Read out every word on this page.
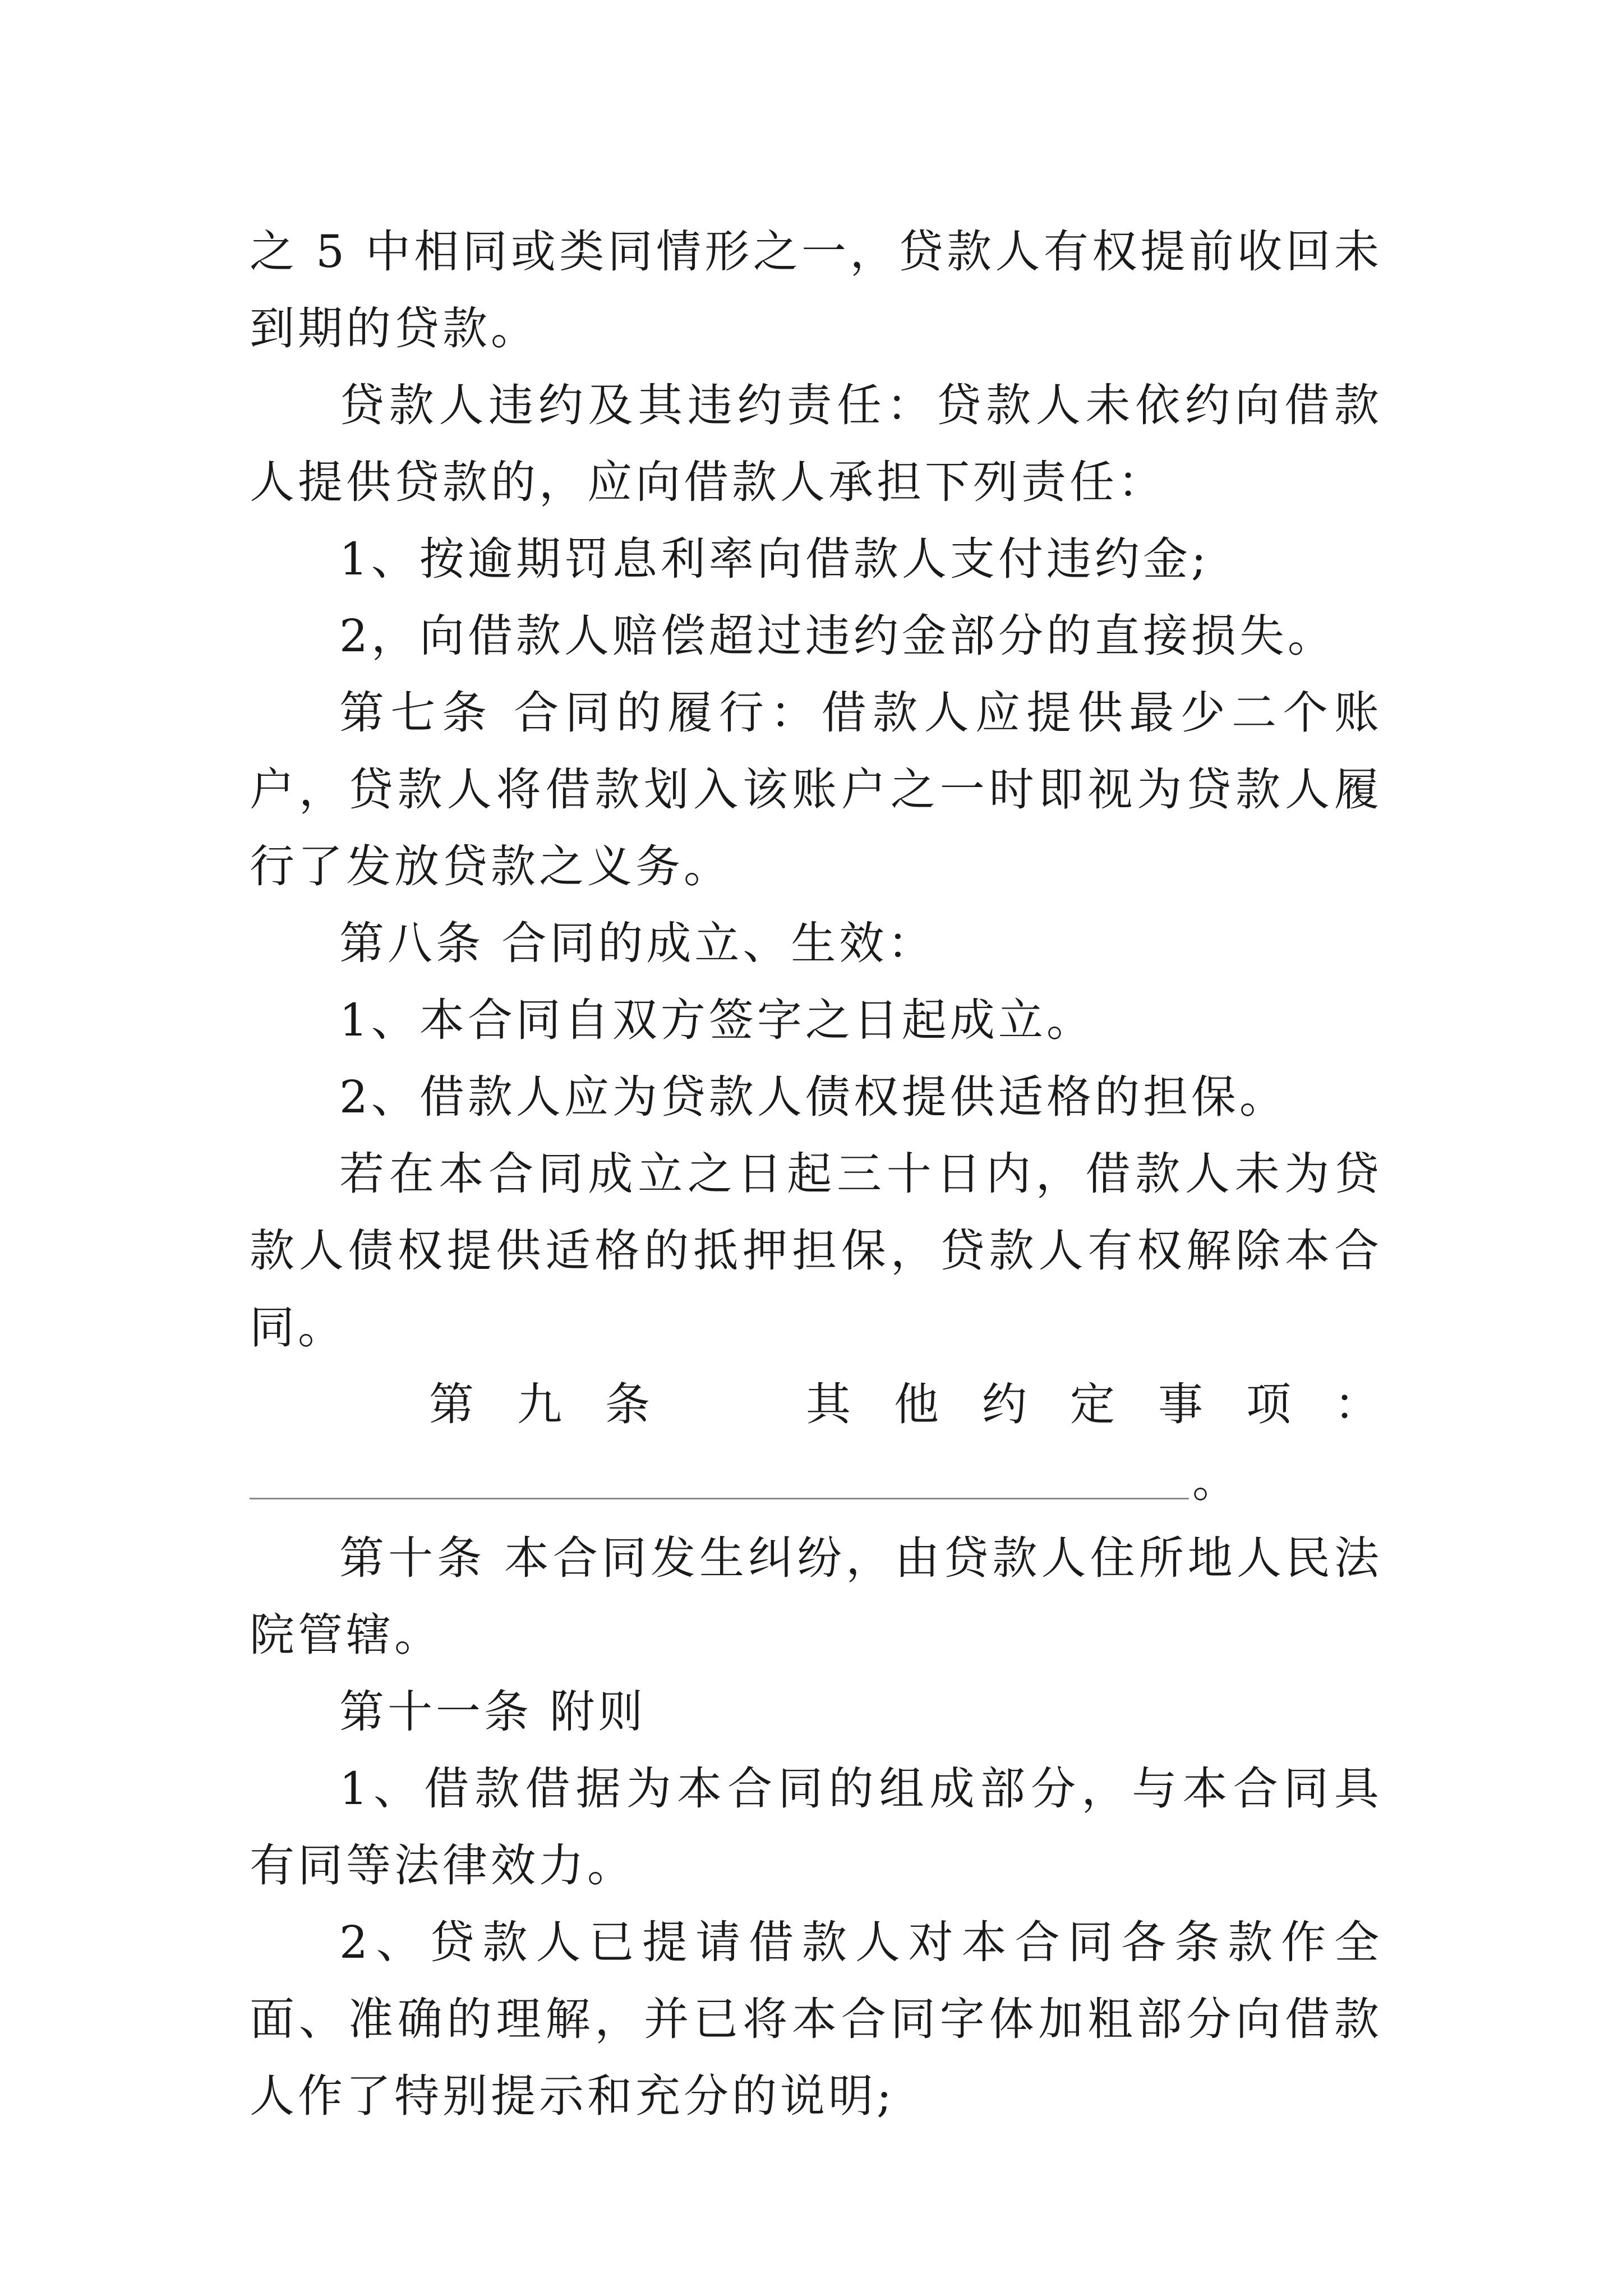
之 5 中相同或类同情形之一，贷款人有权提前收回未到期的贷款。

贷款人违约及其违约责任：贷款人未依约向借款人提供贷款的，应向借款人承担下列责任：

1、按逾期罚息利率向借款人支付违约金;

2，向借款人赔偿超过违约金部分的直接损失。

第七条 合同的履行：借款人应提供最少二个账户，贷款人将借款划入该账户之一时即视为贷款人履行了发放贷款之义务。

第八条 合同的成立、生效：

1、本合同自双方签字之日起成立。

2、借款人应为贷款人债权提供适格的担保。

若在本合同成立之日起三十日内，借款人未为贷款人债权提供适格的抵押担保，贷款人有权解除本合同。

第 九 条	其 他 约 定 事 项 ：
。

第十条 本合同发生纠纷，由贷款人住所地人民法院管辖。

第十一条 附则

1、借款借据为本合同的组成部分，与本合同具有同等法律效力。

2、贷款人已提请借款人对本合同各条款作全面、准确的理解，并已将本合同字体加粗部分向借款人作了特别提示和充分的说明;
